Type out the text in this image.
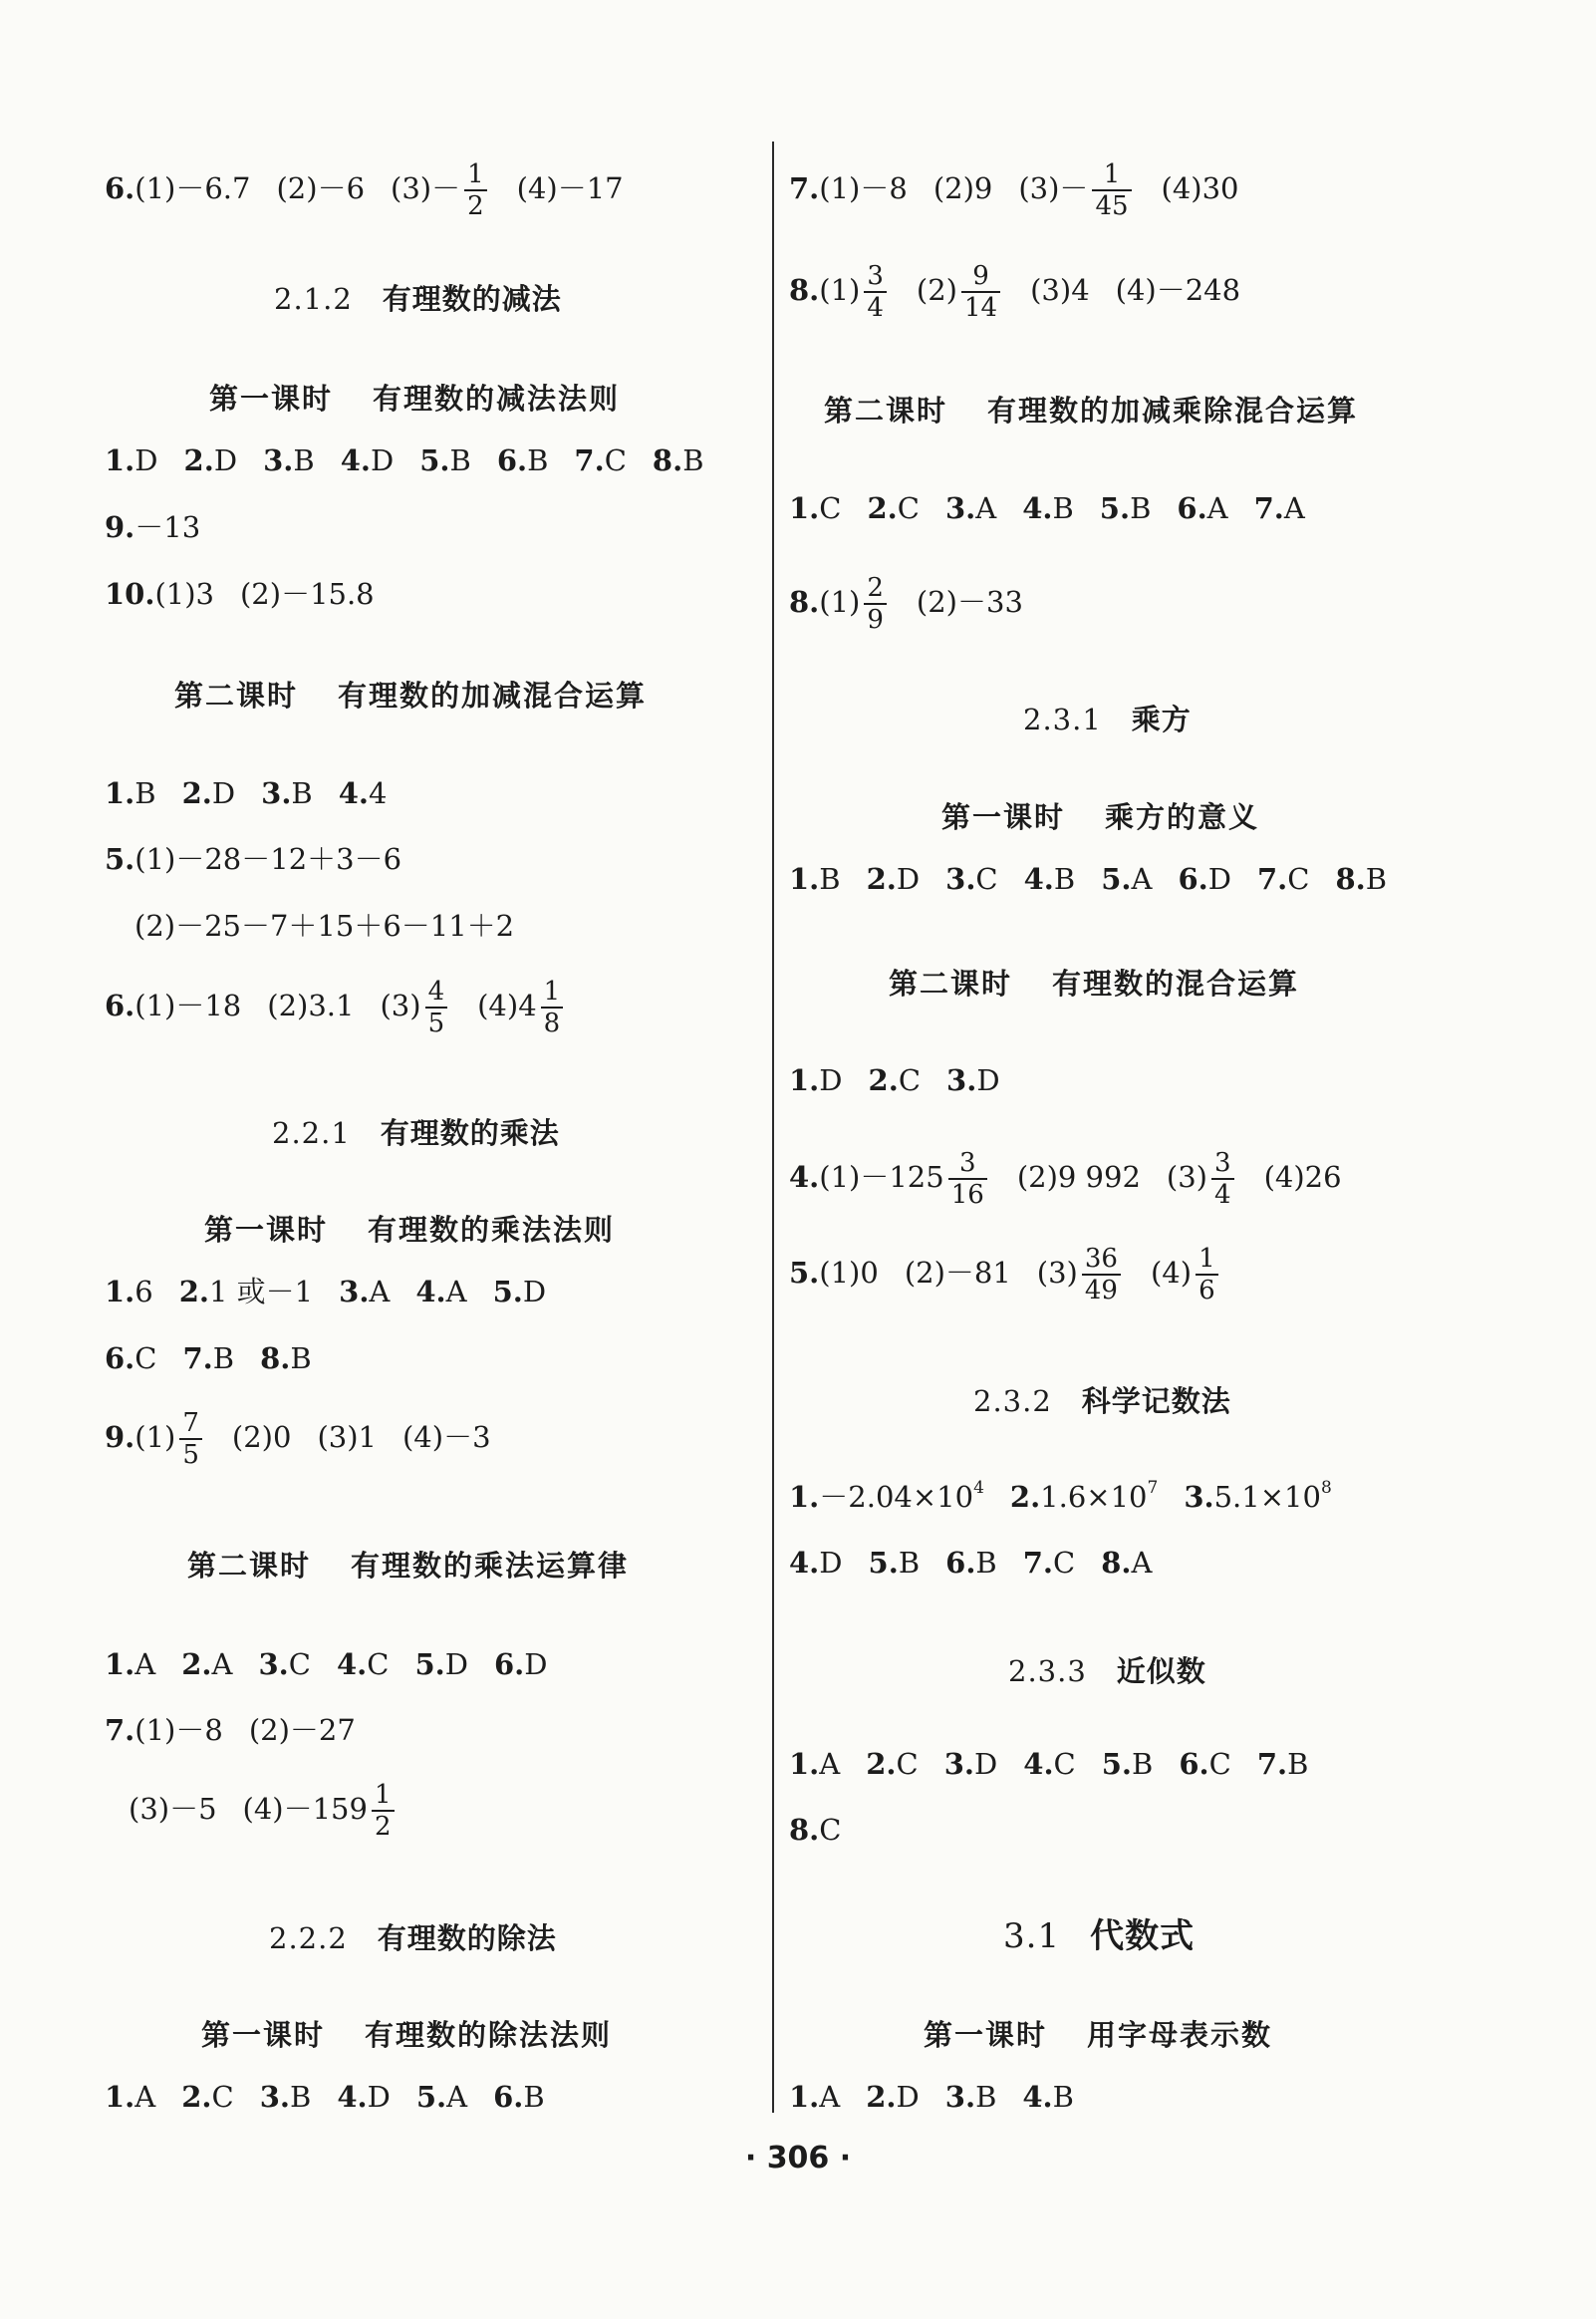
6.(1)－6.7 (2)－6 $(3)- \frac{1}{2} (4)-17$
2.1.2 有理数的减法
第一课时 有理数的减法法则
1.D 2.D 3.B 4.D 5.B 6.B 7.C 8.B
9.－13
10.(1)3 (2)－15.8
第二课时 有理数的加减混合运算
1.B 2.D 3.B 4.4
5.(1)－28－12＋3－6
(2)－25－7＋15＋6－11＋2
6.(1)－18 (2)3.1 $(3) \frac{4}{5} (4)4 \frac{1}{8}$
2.2.1 有理数的乘法
第一课时 有理数的乘法法则
1.6 2.1 或－1 3.A 4.A 5.D
6.C 7.B 8.B
$9.(1) \frac{7}{5} (2)0$ (3)1 (4)－3
第二课时 有理数的乘法运算律
1.A 2.A 3.C 4.C 5.D 6.D
7.(1)－8 (2)－27
(3)－5 $(4)-159 \frac{1}{2}$
2.2.2 有理数的除法
第一课时 有理数的除法法则
1.A 2.C 3.B 4.D 5.A 6.B
7.(1)－8 (2)9 $(3)- \frac{1}{45} (4)30$
$8.(1) \frac{3}{4} (2) \frac{9}{14} (3)4$ (4)－248
第二课时 有理数的加减乘除混合运算
1.C 2.C 3.A 4.B 5.B 6.A 7.A
$8.(1) \frac{2}{9} (2)-33$
2.3.1 乘方
第一课时 乘方的意义
1.B 2.D 3.C 4.B 5.A 6.D 7.C 8.B
第二课时 有理数的混合运算
1.D 2.C 3.D
$4.(1)-125 \frac{3}{16} (2)9$ 992 $(3) \frac{3}{4} (4)26$
5.(1)0 (2)－81 $(3) \frac{36}{49} (4) \frac{1}{6}$
2.3.2 科学记数法
$1.-2.04\times 10^4$ $2.1.6\times 10^7$ $3.5.1\times 10^8$
4.D 5.B 6.B 7.C 8.A
2.3.3 近似数
1.A 2.C 3.D 4.C 5.B 6.C 7.B
8.C
3.1 代数式
第一课时 用字母表示数
1.A 2.D 3.B 4.B
· 306 ·
